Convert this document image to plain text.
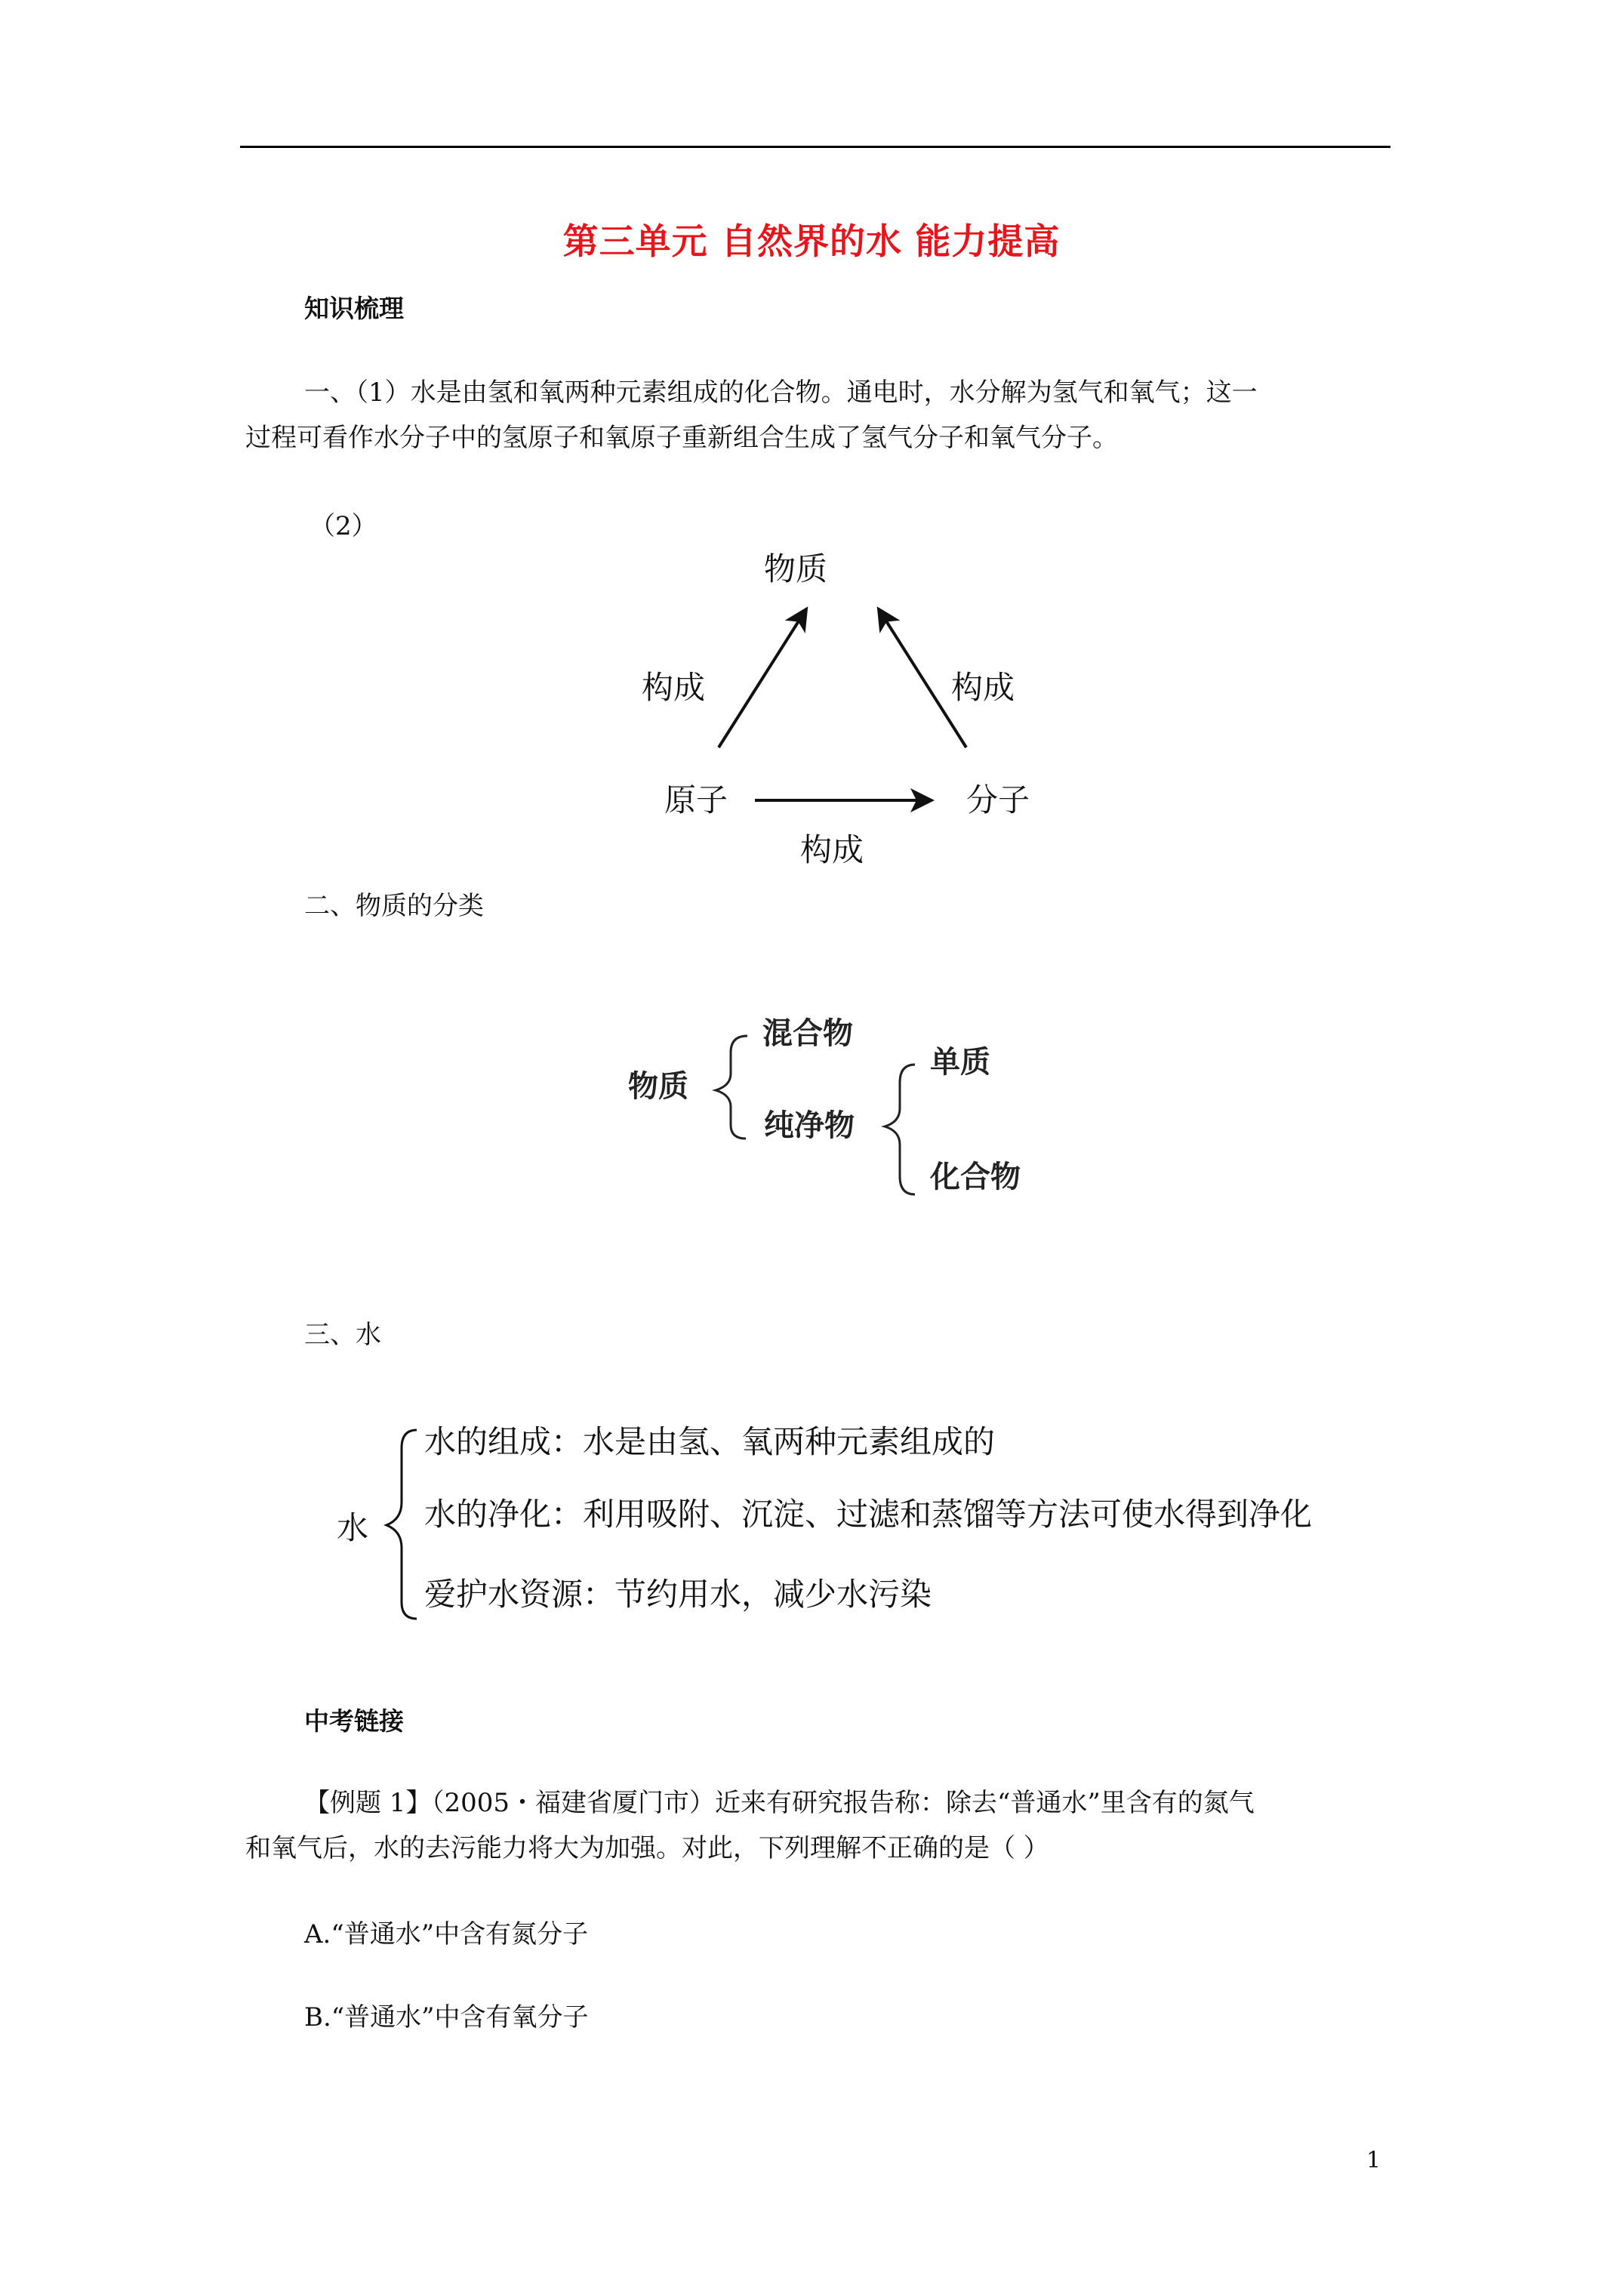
第三单元 自然界的水 能力提高
知识梳理
一、（1）水是由氢和氧两种元素组成的化合物。通电时，水分解为氢气和氧气；这一
过程可看作水分子中的氢原子和氧原子重新组合生成了氢气分子和氧气分子。
（2）
物质
原子	分子
构成	构成
构成
二、物质的分类
物质
混合物
纯净物
单质
化合物
三、水
水
水的组成：水是由氢、氧两种元素组成的
水的净化：利用吸附、沉淀、过滤和蒸馏等方法可使水得到净化
爱护水资源：节约用水，减少水污染
中考链接
【例题 1】（2005・福建省厦门市）近来有研究报告称：除去“普通水”里含有的氮气
和氧气后，水的去污能力将大为加强。对此，下列理解不正确的是（ ）
A.“普通水”中含有氮分子
B.“普通水”中含有氧分子
1
